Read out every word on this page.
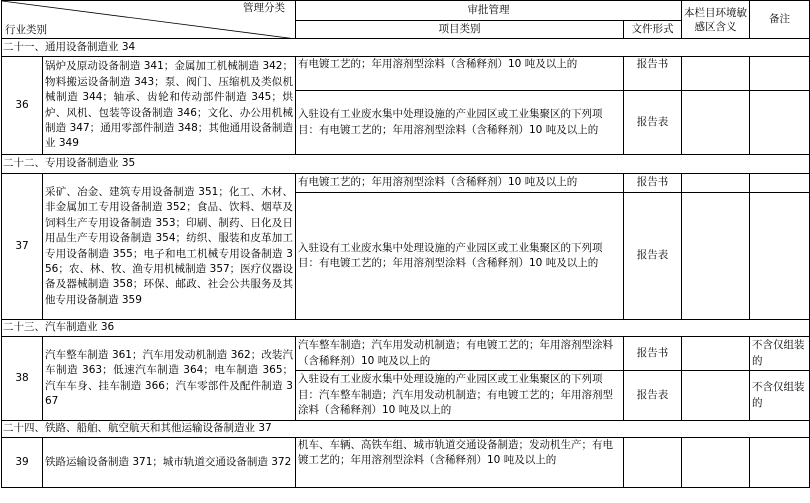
管理分类
行业类别		审批管理		本栏目环境敏感区含义	备注
		项目类别	文件形式		
二十一、通用设备制造业 34					
36	锅炉及原动设备制造 341；金属加工机械制造 342；物料搬运设备制造 343；泵、阀门、压缩机及类似机械制造 344；轴承、齿轮和传动部件制造 345；烘炉、风机、包装等设备制造 346；文化、办公用机械制造 347；通用零部件制造 348；其他通用设备制造业 349	有电镀工艺的；年用溶剂型涂料（含稀释剂）10 吨及以上的	报告书		
		入驻设有工业废水集中处理设施的产业园区或工业集聚区的下列项目：有电镀工艺的；年用溶剂型涂料（含稀释剂）10 吨及以上的	报告表		
二十二、专用设备制造业 35					
37	采矿、冶金、建筑专用设备制造 351；化工、木材、非金属加工专用设备制造 352；食品、饮料、烟草及饲料生产专用设备制造 353；印刷、制药、日化及日用品生产专用设备制造 354；纺织、服装和皮革加工专用设备制造 355；电子和电工机械专用设备制造 356；农、林、牧、渔专用机械制造 357；医疗仪器设备及器械制造 358；环保、邮政、社会公共服务及其他专用设备制造 359	有电镀工艺的；年用溶剂型涂料（含稀释剂）10 吨及以上的	报告书		
		入驻设有工业废水集中处理设施的产业园区或工业集聚区的下列项目：有电镀工艺的；年用溶剂型涂料（含稀释剂）10 吨及以上的	报告表		
二十三、汽车制造业 36					
38	汽车整车制造 361；汽车用发动机制造 362；改装汽车制造 363；低速汽车制造 364；电车制造 365；汽车车身、挂车制造 366；汽车零部件及配件制造 367	汽车整车制造；汽车用发动机制造；有电镀工艺的；年用溶剂型涂料（含稀释剂）10 吨及以上的	报告书		不含仅组装的
		入驻设有工业废水集中处理设施的产业园区或工业集聚区的下列项目：汽车整车制造；汽车用发动机制造；有电镀工艺的；年用溶剂型涂料（含稀释剂）10 吨及以上的	报告表		不含仅组装的
二十四、铁路、船舶、航空航天和其他运输设备制造业 37					
39	铁路运输设备制造 371；城市轨道交通设备制造 372	机车、车辆、高铁车组、城市轨道交通设备制造；发动机生产；有电镀工艺的；年用溶剂型涂料（含稀释剂）10 吨及以上的			
